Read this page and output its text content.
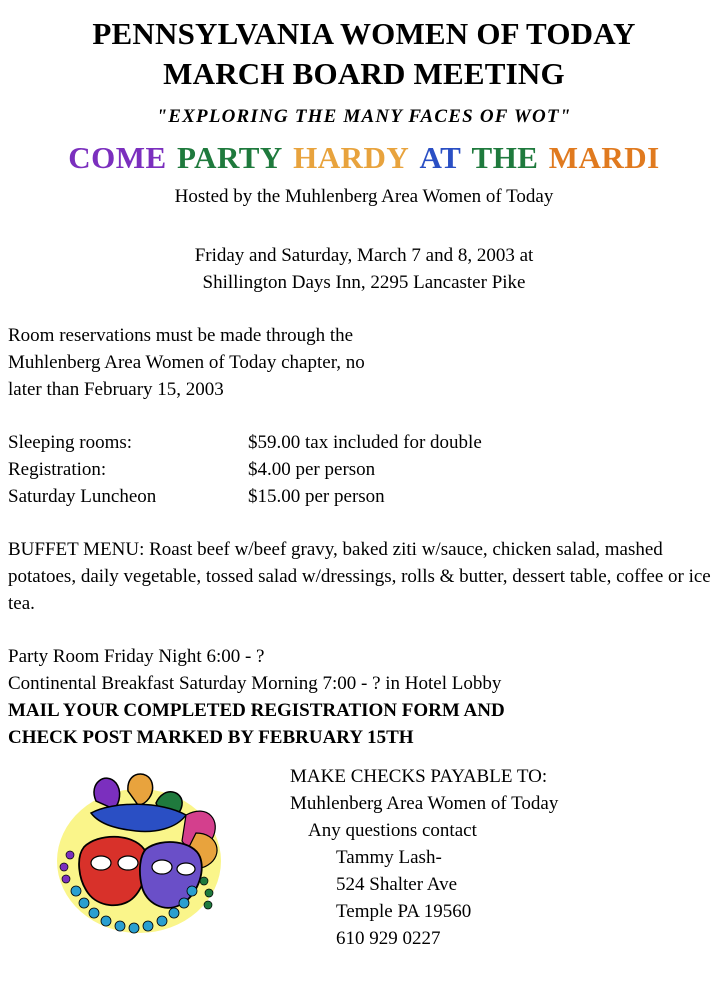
PENNSYLVANIA WOMEN OF TODAY
MARCH BOARD MEETING
"EXPLORING THE MANY FACES OF WOT"
COME PARTY HARDY AT THE MARDI
Hosted by the Muhlenberg Area Women of Today
Friday and Saturday, March 7 and 8, 2003 at
Shillington Days Inn, 2295 Lancaster Pike
Room reservations must be made through the
Muhlenberg Area Women of Today chapter, no
later than February 15, 2003
Sleeping rooms:	$59.00 tax included for double
Registration:	$4.00 per person
Saturday Luncheon	$15.00 per person
BUFFET MENU: Roast beef w/beef gravy, baked ziti w/sauce, chicken salad, mashed potatoes, daily vegetable, tossed salad w/dressings, rolls & butter, dessert table, coffee or ice tea.
Party Room Friday Night 6:00 - ?
Continental Breakfast Saturday Morning 7:00 - ? in Hotel Lobby
MAIL YOUR COMPLETED REGISTRATION FORM AND
CHECK POST MARKED BY FEBRUARY 15TH
MAKE CHECKS PAYABLE TO:
Muhlenberg Area Women of Today
Any questions contact
Tammy Lash-
524 Shalter Ave
Temple PA 19560
610 929 0227
